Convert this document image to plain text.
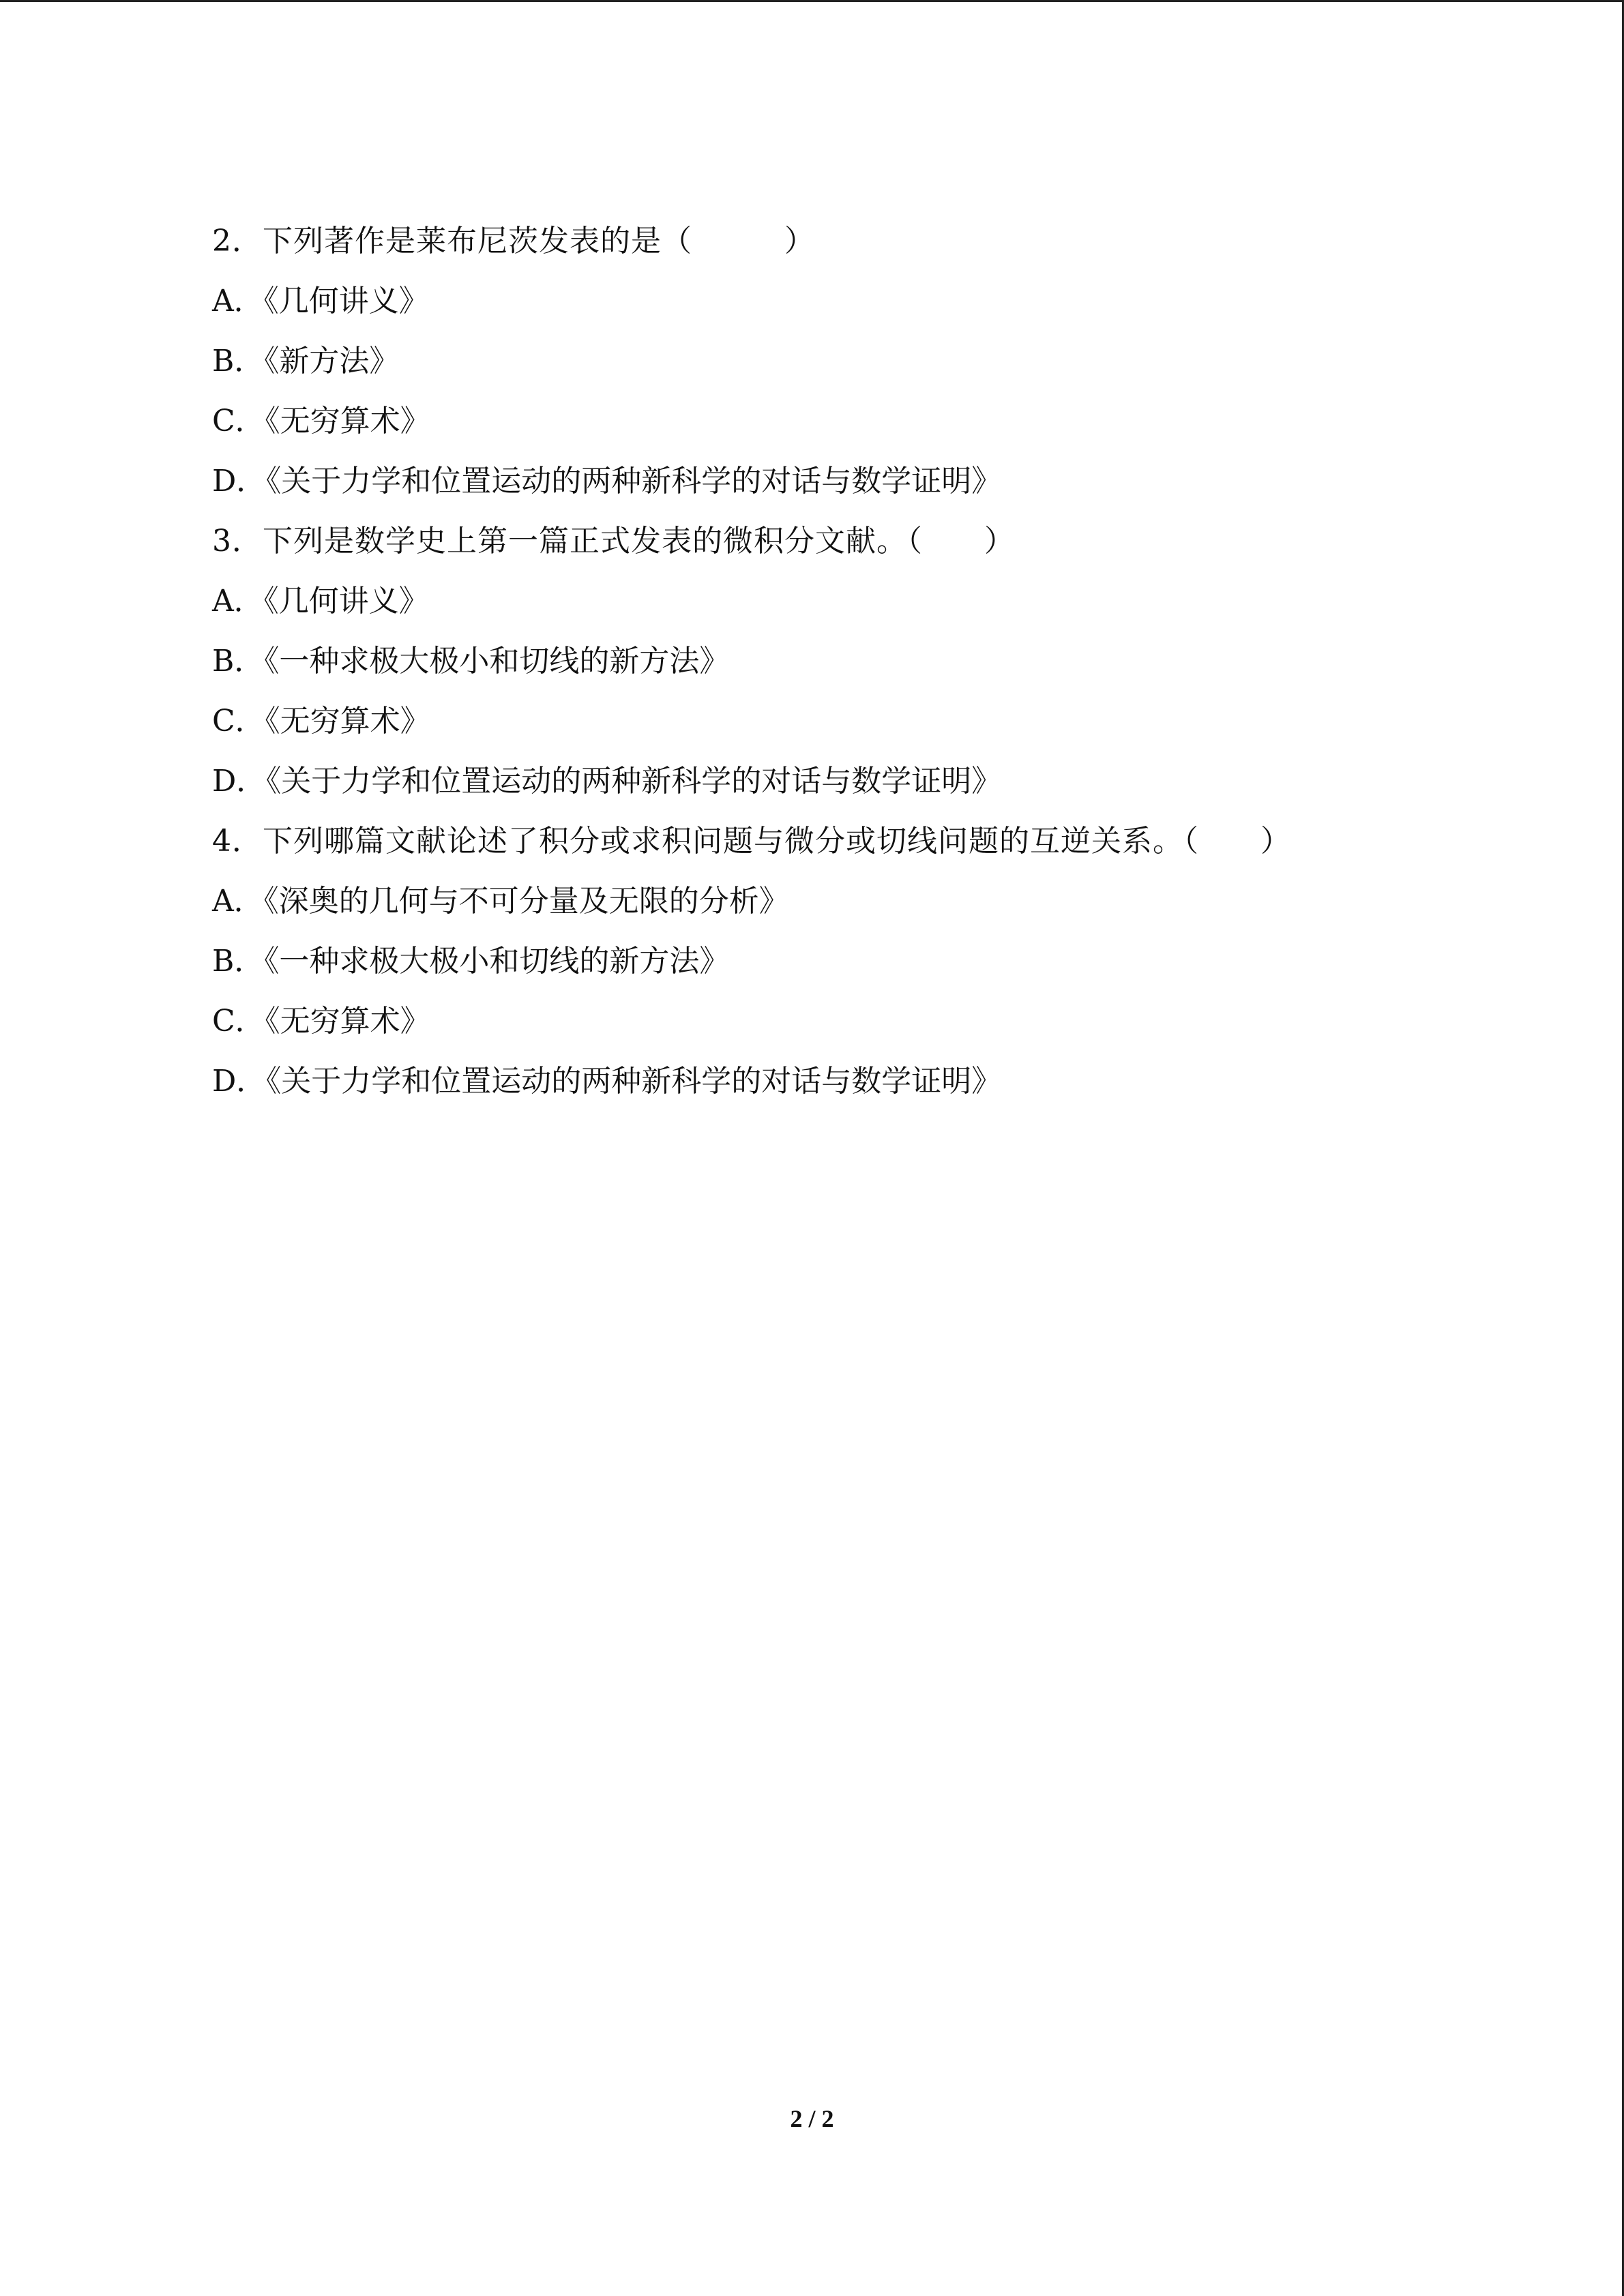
2．下列著作是莱布尼茨发表的是（　　　）
A．《几何讲义》
B．《新方法》
C．《无穷算术》
D．《关于力学和位置运动的两种新科学的对话与数学证明》
3．下列是数学史上第一篇正式发表的微积分文献。（　　）
A．《几何讲义》
B．《一种求极大极小和切线的新方法》
C．《无穷算术》
D．《关于力学和位置运动的两种新科学的对话与数学证明》
4．下列哪篇文献论述了积分或求积问题与微分或切线问题的互逆关系。（　　）
A．《深奥的几何与不可分量及无限的分析》
B．《一种求极大极小和切线的新方法》
C．《无穷算术》
D．《关于力学和位置运动的两种新科学的对话与数学证明》
2 / 2
